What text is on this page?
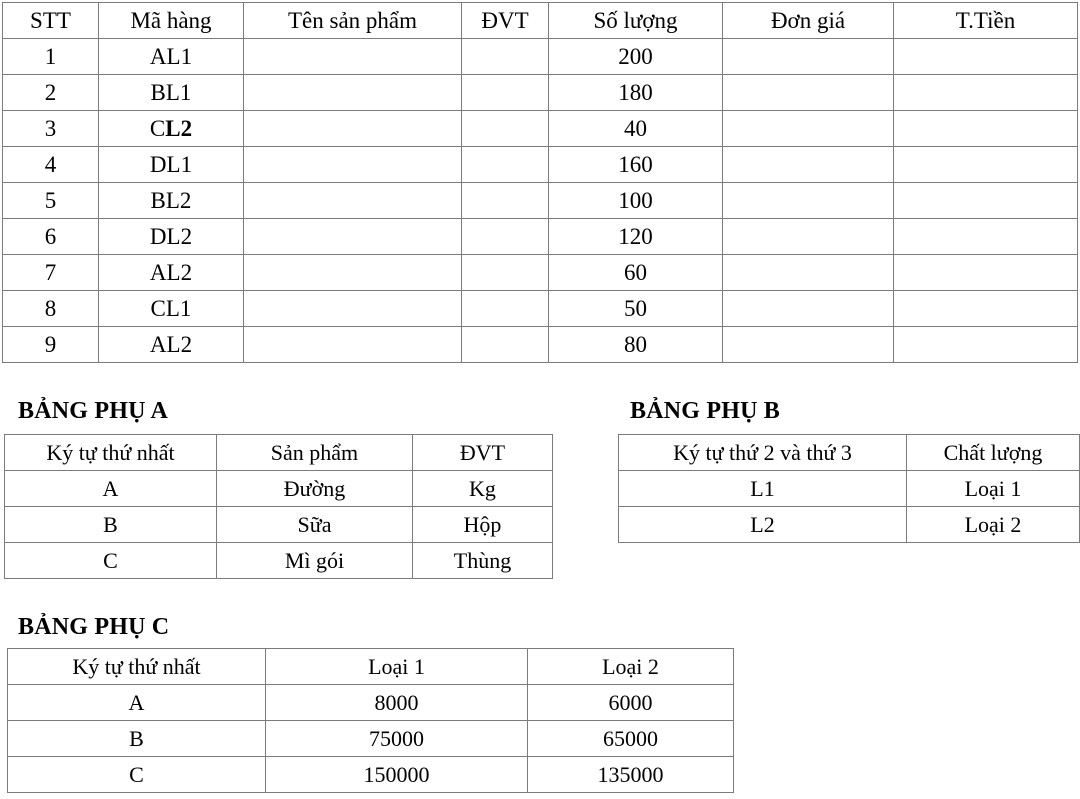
STT	Mã hàng	Tên sản phẩm	ĐVT	Số lượng	Đơn giá	T.Tiền
1	AL1			200		
2	BL1			180		
3	CL2			40		
4	DL1			160		
5	BL2			100		
6	DL2			120		
7	AL2			60		
8	CL1			50		
9	AL2			80		
BẢNG PHỤ A
Ký tự thứ nhất	Sản phẩm	ĐVT
A	Đường	Kg
B	Sữa	Hộp
C	Mì gói	Thùng
BẢNG PHỤ B
Ký tự thứ 2 và thứ 3	Chất lượng
L1	Loại 1
L2	Loại 2
BẢNG PHỤ C
Ký tự thứ nhất	Loại 1	Loại 2
A	8000	6000
B	75000	65000
C	150000	135000
